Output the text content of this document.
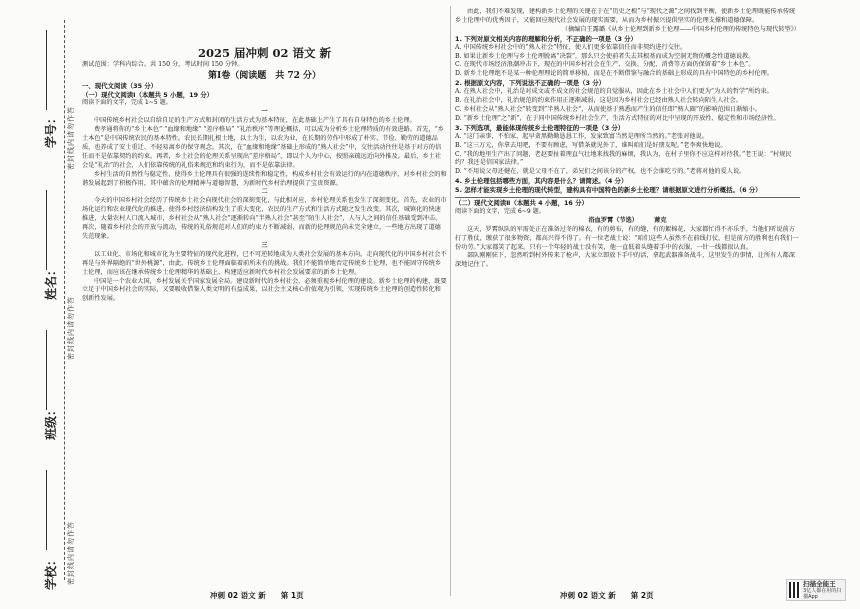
密封线内请勿作答
密封线内请勿作答
密封线内请勿作答
学号：
姓名：
班级：
学校：
2025 届冲刺 02 语文 新
测试范围：学科内综合。共 150 分，考试时间 150 分钟。
第Ⅰ卷（阅读题　共 72 分）
一、现代文阅读（35 分）
（一）现代文阅读Ⅰ（本题共 5 小题，19 分）
阅读下面的文字，完成 1~5 题。
一

中国传统乡村社会以自给自足的生产方式和封闭的生活方式为基本特征，在此基础上产生了具有自身特色的乡土伦理。

费孝通将你的“乡土本色” “血缘和地缘” “差序格局” “礼治秩序”等理论概括，可以成为分析乡土伦理特质的有效进路。首先，“乡土本色”是中国传统农民的基本特性。农民长期扎根土地，以土为生，以农为业，在长期的劳作中形成了朴实、节俭、勤劳的道德品质，也养成了安土重迁、不轻易离乡的保守观念。其次，在“血缘和地缘”基础上形成的“熟人社会”中，交往活动往往是基于对方的信任而不是依靠契约的约束。再者，乡土社会的伦理关系呈现出“差序格局”，即以个人为中心，按照亲疏远近向外推及。最后，乡土社会是“礼治”的社会，人们依靠传统的礼俗来规范和约束行为，而不是依靠法律。

乡村生活的自然性与稳定性，使得乡土伦理具有很强的连续性和稳定性，构成乡村社会有效运行的内在道德秩序，对乡村社会的和谐发展起到了积极作用，其中蕴含的伦理精神与道德智慧，为新时代乡村治理提供了宝贵资源。

二

今天的中国乡村社会经历了传统乡土社会向现代社会的深刻变化，与此相对应，乡村伦理关系也发生了深刻变化。首先，农业的市场化运行和农业现代化的推进，使得乡村经济结构发生了重大变化，农民的生产方式和生活方式随之发生改变。其次，城镇化的快速推进，大量农村人口流入城市，乡村社会从“熟人社会”逐渐转向“半熟人社会”甚至“陌生人社会”，人与人之间的信任基础受到冲击。再次，随着乡村社会的开放与流动，传统的礼俗规范对人们的约束力不断减弱，而新的伦理规范尚未完全建立，一些地方出现了道德失范现象。

三

以工业化、市场化和城市化为主要特征的现代化进程，已不可逆转地成为人类社会发展的基本方向。走向现代化的中国乡村社会不再是与外界隔绝的“世外桃源”，由此，传统乡土伦理面临着前所未有的挑战。我们不能简单地否定传统乡土伦理，也不能固守传统乡土伦理，而应该在继承传统乡土伦理精华的基础上，构建适应新时代乡村社会发展要求的新乡土伦理。

中国是一个农业大国，乡村发展关乎国家发展全局。建设新时代的乡村社会，必须重视乡村伦理的建设。新乡土伦理的构建，既要立足于中国乡村社会的实际，又要吸收借鉴人类文明的有益成果，以社会主义核心价值观为引领，实现传统乡土伦理的创造性转化和创新性发展。

由此，我们不难发现，建构新乡土伦理的关键在于在“历史之根”与“现代之源”之间找到平衡，使新乡土伦理既能传承传统乡土伦理中的优秀因子，又能回应现代社会发展的现实需要，从而为乡村振兴提供坚实的伦理支撑和道德保障。

（摘编自王露璐《从乡土伦理到新乡土伦理——中国乡村伦理的传统特色与现代转型》）

1. 下列对原文相关内容的理解和分析，不正确的一项是（3 分）
A. 中国传统乡村社会中的“熟人社会”特征，使人们更多依靠信任而非契约进行交往。
B. 如果让新乡土伦理与乡土伦理脱离“决裂”，那么只会使前者失去其根基而成为空洞无物的概念性道德说教。
C. 在现代市场经济浪潮冲击下，现在的中国乡村社会在生产、交换、分配、消费等方面仍保留着“乡土本色”。
D. 新乡土伦理绝不是某一种伦理理论的简单移植，而是在不断借鉴与融合的基础上形成的具有中国特色的乡村伦理。
2. 根据原文内容，下列说法不正确的一项是（3 分）
A. 在熟人社会中，礼治是对成文或不成文的社会规范的自觉服从，因此在乡土社会中人们更为“为人的哲学”所约束。
B. 在礼治社会中，礼治规范的约束作用正逐渐减弱，这是因为乡村社会已经由熟人社会转向陌生人社会。
C. 乡村社会从“熟人社会”转变到“半熟人社会”，从而使基于熟悉而产生的信任即“熟人圈”的影响范围日渐缩小。
D. “新乡土伦理”之“新”，在于同中国传统乡村社会生产、生活方式特征的对比中呈现的开放性、稳定性和市场经济性。
3. 下列选项，最能体现传统乡土伦理特征的一项是（3 分）
A. “这门亲事，不怕家，起早贪黑勤勤恳恳工作，发家致富当然是理所当然的。”老张对他说。
B. “这三万元，你拿去用吧，不要有顾虑，写借条就见外了，谁叫咱们是好朋友呢。”老李爽快地说。
C. “我的地里生产出了问题，老赵要扯着理直气壮地来找我的麻烦，我认为，在村子里你不应这样对待我。”老王说：“村规民约？我还是信国家法律。”
D. “不用说父母还健在，就是父母不在了，弟兄们之间该分的产权，也不会谁吃亏的。”老蒋对他的爱人说。
4. 乡土伦理包括哪些方面，其内容是什么？请简述。（4 分）
5. 怎样才能实现乡土伦理的现代转型，建构具有中国特色的新乡土伦理？请根据原文进行分析概括。（6 分）
（二）现代文阅读Ⅱ（本题共 4 小题，16 分）
阅读下面的文字，完成 6~9 题。
浴血罗霄（节选）	萧克

这天，罗霄纵队的军需处正在准备过冬的棉衣，有的剪布，有的缝，有的絮棉花，大家都忙得不亦乐乎。当他们听说前方打了胜仗，缴获了很多物资，都高兴得不得了。有一位老战士说：“咱们这些人虽然不在前线打仗，但是前方的胜利也有我们一份功劳。”大家都笑了起来。只有一个年轻的战士没有笑，他一直低着头缝着手中的衣服，一针一线都很认真。

部队刚刚驻下，忽然听到村外传来了枪声，大家立即放下手中的活，拿起武器准备战斗，这里发生的事情，让所有人都深深地记住了。

冲刺 02 语文 新　　第 1页	冲刺 02 语文 新　　第 2页
扫描全能王
3亿人都在用的扫描App
